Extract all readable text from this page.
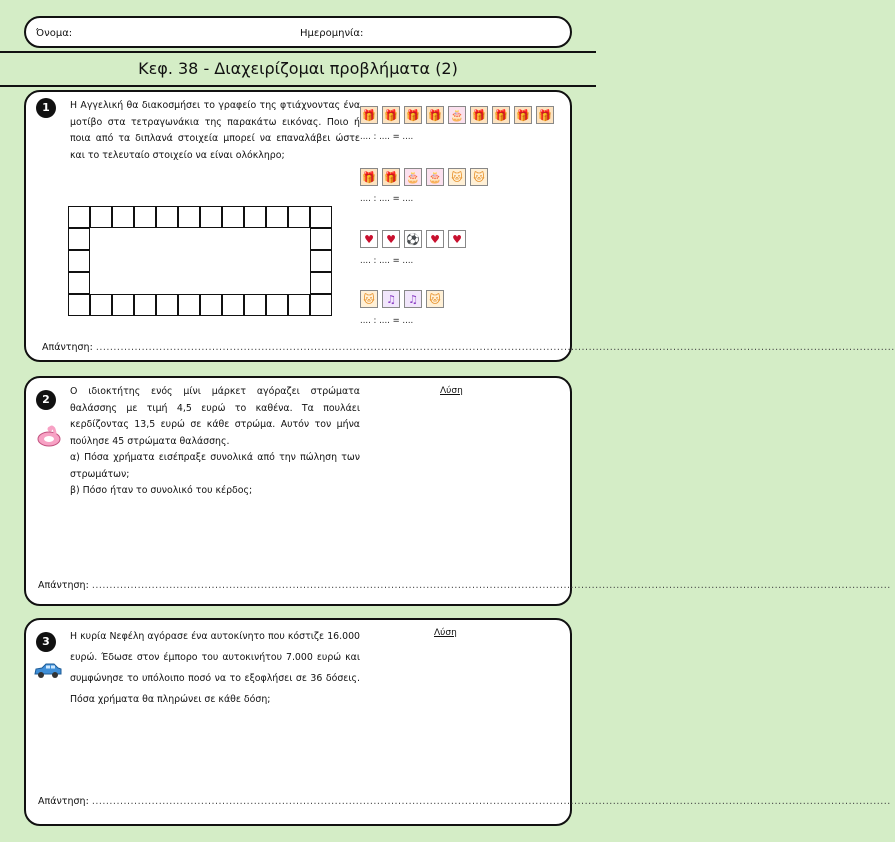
Όνομα:	Ημερομηνία:
Κεφ. 38 - Διαχειρίζομαι προβλήματα (2)
1	Η Αγγελική θα διακοσμήσει το γραφείο της φτιάχνοντας ένα μοτίβο στα τετραγωνάκια της παρακάτω εικόνας. Ποιο ή ποια από τα διπλανά στοιχεία μπορεί να επαναλάβει ώστε και το τελευταίο στοιχείο να είναι ολόκληρο;
🎁 🎁 🎁 🎁 🎂 🎁 🎁 🎁 🎁
.... : .... = ....
🎁 🎁 🎂 🎂 🐱 🐱
.... : .... = ....
♥	♥ ⚽ ♥	♥
.... : .... = ....
🐱	♫	♫	🐱
.... : .... = ....
Απάντηση: ...................................................................................................................................................................................................................................
2

Ο ιδιοκτήτης ενός μίνι μάρκετ αγόραζει στρώματα θαλάσσης με τιμή 4,5 ευρώ το καθένα. Τα πουλάει κερδίζοντας 13,5 ευρώ σε κάθε στρώμα. Αυτόν τον μήνα πούλησε 45 στρώματα θαλάσσης.

α) Πόσα χρήματα εισέπραξε συνολικά από την πώληση των στρωμάτων;

β) Πόσο ήταν το συνολικό του κέρδος;

Λύση
Απάντηση: ...................................................................................................................................................................................................................................
3	Η κυρία Νεφέλη αγόρασε ένα αυτοκίνητο που κόστιζε 16.000 ευρώ. Έδωσε στον έμπορο του αυτοκινήτου 7.000 ευρώ και συμφώνησε το υπόλοιπο ποσό να το εξοφλήσει σε 36 δόσεις. Πόσα χρήματα θα πληρώνει σε κάθε δόση;
Λύση
Απάντηση: ...................................................................................................................................................................................................................................
